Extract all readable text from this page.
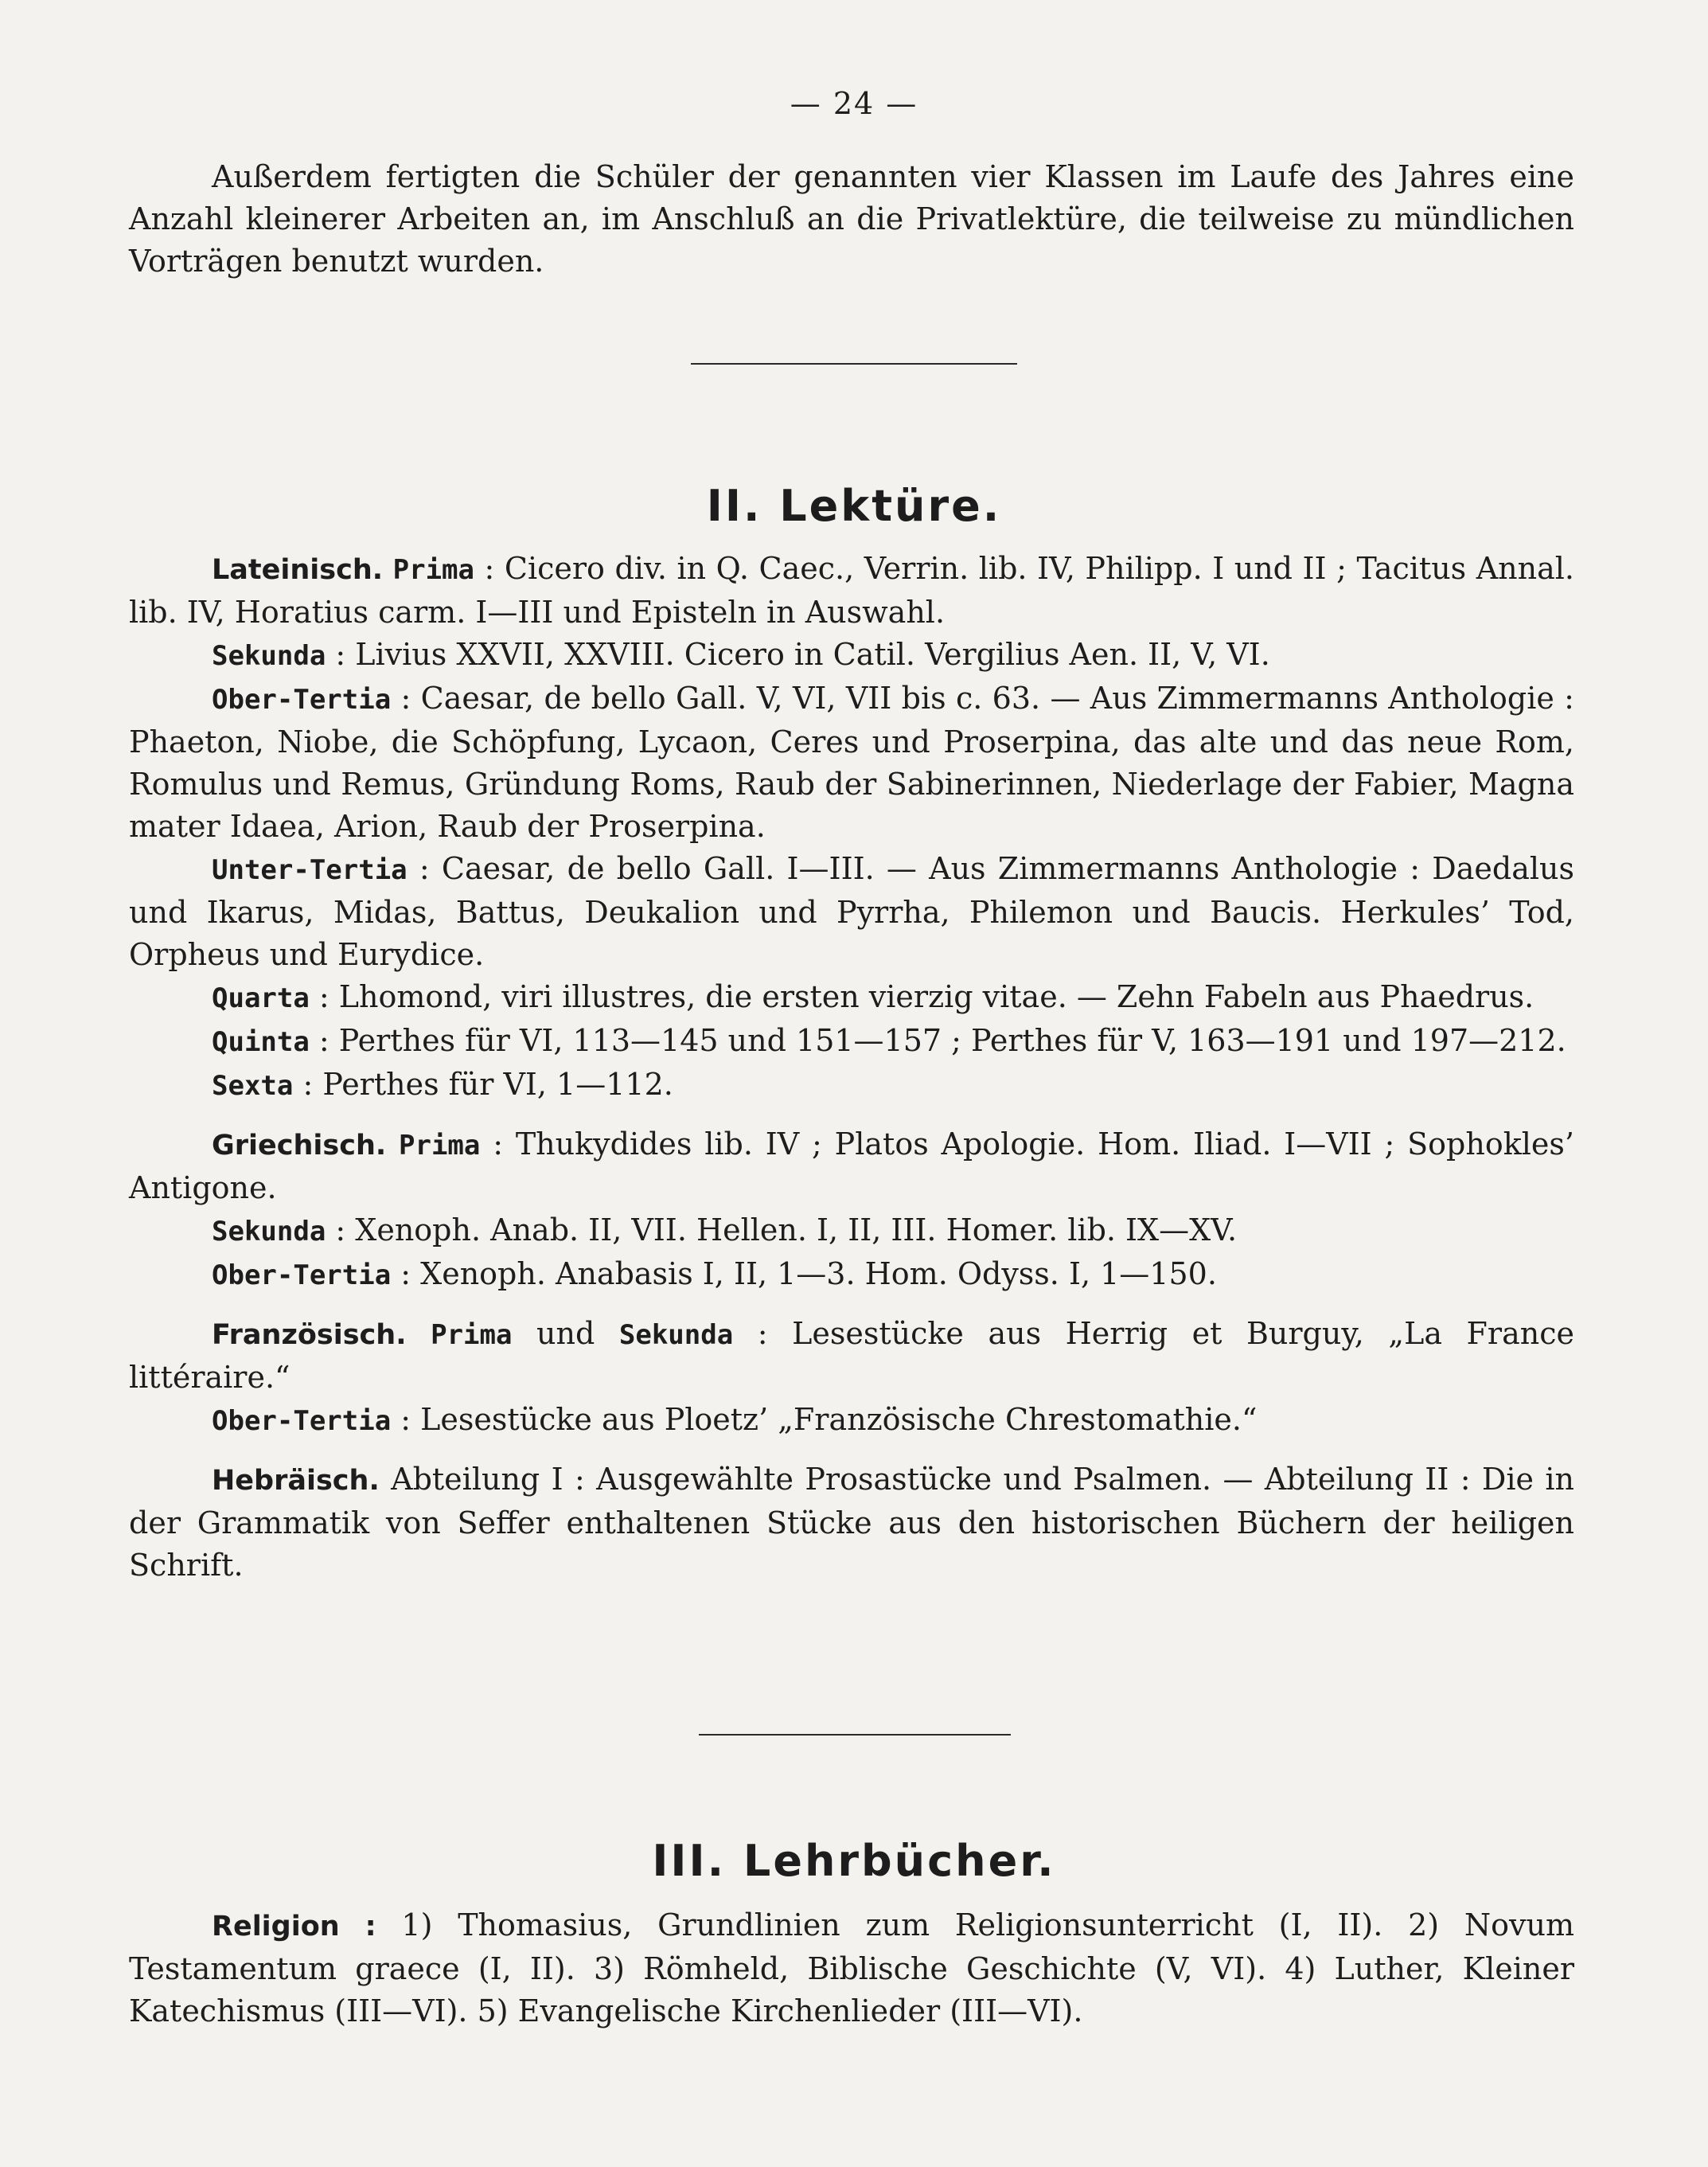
— 24 —

Außerdem fertigten die Schüler der genannten vier Klassen im Laufe des Jahres eine Anzahl kleinerer Arbeiten an, im Anschluß an die Privatlektüre, die teilweise zu mündlichen Vorträgen benutzt wurden.

II. Lektüre.

Lateinisch. Prima : Cicero div. in Q. Caec., Verrin. lib. IV, Philipp. I und II ; Tacitus Annal. lib. IV, Horatius carm. I—III und Episteln in Auswahl.

Sekunda : Livius XXVII, XXVIII. Cicero in Catil. Vergilius Aen. II, V, VI.

Ober-Tertia : Caesar, de bello Gall. V, VI, VII bis c. 63. — Aus Zimmermanns Anthologie : Phaeton, Niobe, die Schöpfung, Lycaon, Ceres und Proserpina, das alte und das neue Rom, Romulus und Remus, Gründung Roms, Raub der Sabinerinnen, Niederlage der Fabier, Magna mater Idaea, Arion, Raub der Proserpina.

Unter-Tertia : Caesar, de bello Gall. I—III. — Aus Zimmermanns Anthologie : Daedalus und Ikarus, Midas, Battus, Deukalion und Pyrrha, Philemon und Baucis. Herkules’ Tod, Orpheus und Eurydice.

Quarta : Lhomond, viri illustres, die ersten vierzig vitae. — Zehn Fabeln aus Phaedrus.

Quinta : Perthes für VI, 113—145 und 151—157 ; Perthes für V, 163—191 und 197—212.

Sexta : Perthes für VI, 1—112.

Griechisch. Prima : Thukydides lib. IV ; Platos Apologie. Hom. Iliad. I—VII ; Sophokles’ Antigone.

Sekunda : Xenoph. Anab. II, VII. Hellen. I, II, III. Homer. lib. IX—XV.

Ober-Tertia : Xenoph. Anabasis I, II, 1—3. Hom. Odyss. I, 1—150.

Französisch. Prima und Sekunda : Lesestücke aus Herrig et Burguy, „La France littéraire.“

Ober-Tertia : Lesestücke aus Ploetz’ „Französische Chrestomathie.“

Hebräisch. Abteilung I : Ausgewählte Prosastücke und Psalmen. — Abteilung II : Die in der Grammatik von Seffer enthaltenen Stücke aus den historischen Büchern der heiligen Schrift.

III. Lehrbücher.

Religion : 1) Thomasius, Grundlinien zum Religionsunterricht (I, II). 2) Novum Testamentum graece (I, II). 3) Römheld, Biblische Geschichte (V, VI). 4) Luther, Kleiner Katechismus (III—VI). 5) Evangelische Kirchenlieder (III—VI).
